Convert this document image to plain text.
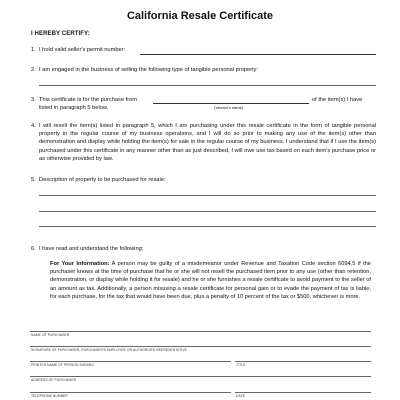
California Resale Certificate
I HEREBY CERTIFY:
1. I hold valid seller's permit number:
2. I am engaged in the business of selling the following type of tangible personal property:
3. This certificate is for the purchase from	of the item(s) I have
listed in paragraph 5 below.	(Vendor's name)
4. I will resell the item(s) listed in paragraph 5, which I am purchasing under this resale certificate in the form of tangible personal property in the regular course of my business operations, and I will do so prior to making any use of the item(s) other than demonstration and display while holding the item(s) for sale in the regular course of my business. I understand that if I use the item(s) purchased under this certificate in any manner other than as just described, I will owe use tax based on each item's purchase price or as otherwise provided by law.
5. Description of property to be purchased for resale:
6. I have read and understand the following:
For Your Information: A person may be guilty of a misdemeanor under Revenue and Taxation Code section 6094.5 if the purchaser knows at the time of purchase that he or she will not resell the purchased item prior to any use (other than retention, demonstration, or display while holding it for resale) and he or she furnishes a resale certificate to avoid payment to the seller of an amount as tax. Additionally, a person misusing a resale certificate for personal gain or to evade the payment of tax is liable, for each purchase, for the tax that would have been due, plus a penalty of 10 percent of the tax or $500, whichever is more.
NAME OF PURCHASER
SIGNATURE OF PURCHASER, PURCHASER'S EMPLOYEE OR AUTHORIZED REPRESENTATIVE
PRINTED NAME OF PERSON SIGNING	TITLE
ADDRESS OF PURCHASER
TELEPHONE NUMBER	DATE
